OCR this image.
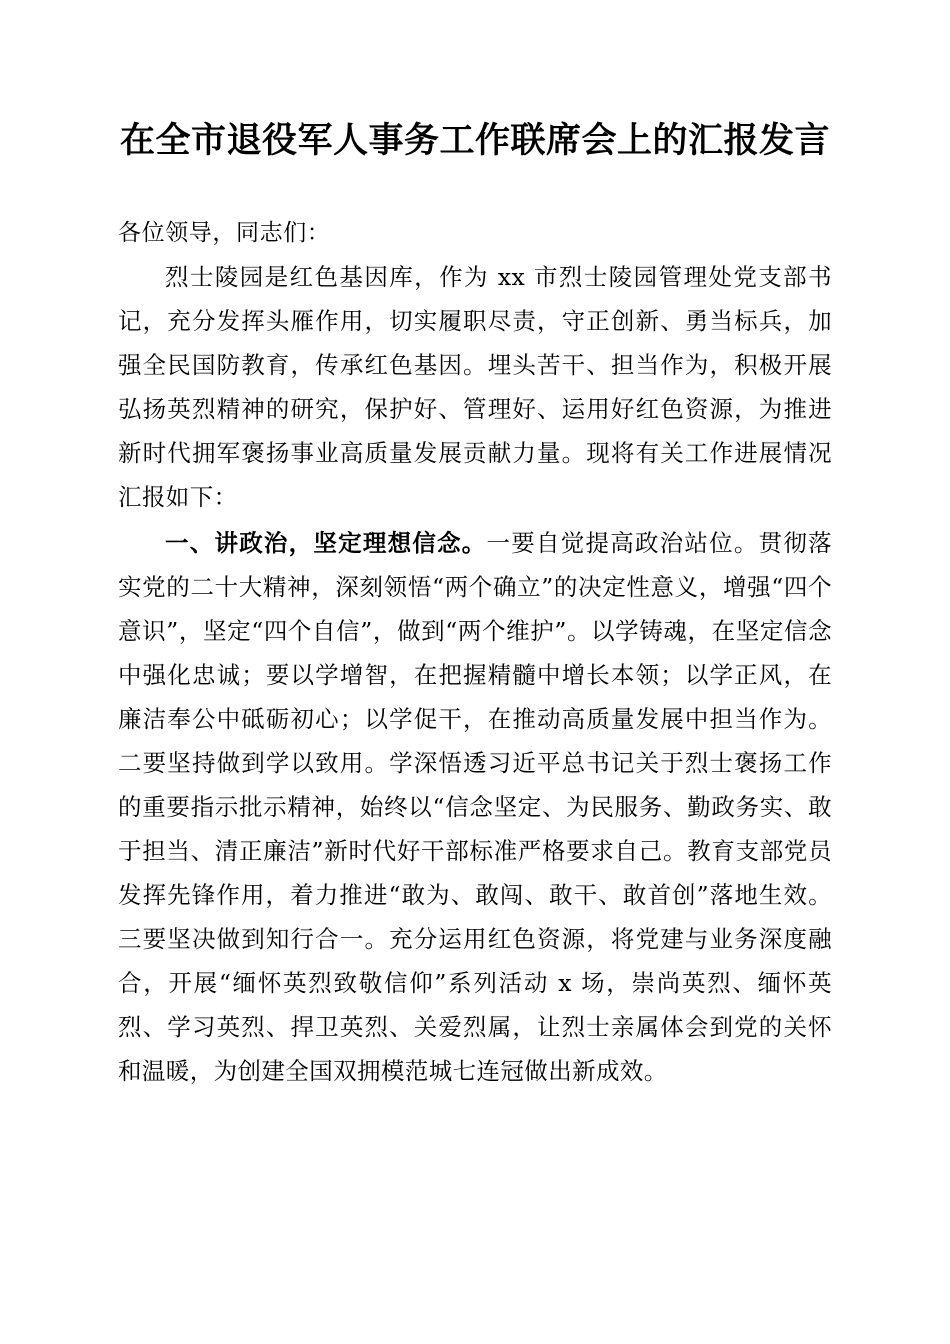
在全市退役军人事务工作联席会上的汇报发言

各位领导，同志们：

烈士陵园是红色基因库，作为 xx 市烈士陵园管理处党支部书记，充分发挥头雁作用，切实履职尽责，守正创新、勇当标兵，加强全民国防教育，传承红色基因。埋头苦干、担当作为，积极开展弘扬英烈精神的研究，保护好、管理好、运用好红色资源，为推进新时代拥军褒扬事业高质量发展贡献力量。现将有关工作进展情况汇报如下：

一、讲政治，坚定理想信念。一要自觉提高政治站位。贯彻落实党的二十大精神，深刻领悟“两个确立”的决定性意义，增强“四个意识”，坚定“四个自信”，做到“两个维护”。以学铸魂，在坚定信念中强化忠诚；要以学增智，在把握精髓中增长本领；以学正风，在廉洁奉公中砥砺初心；以学促干，在推动高质量发展中担当作为。二要坚持做到学以致用。学深悟透习近平总书记关于烈士褒扬工作的重要指示批示精神，始终以“信念坚定、为民服务、勤政务实、敢于担当、清正廉洁”新时代好干部标准严格要求自己。教育支部党员发挥先锋作用，着力推进“敢为、敢闯、敢干、敢首创”落地生效。三要坚决做到知行合一。充分运用红色资源，将党建与业务深度融合，开展“缅怀英烈致敬信仰”系列活动 x 场，崇尚英烈、缅怀英烈、学习英烈、捍卫英烈、关爱烈属，让烈士亲属体会到党的关怀和温暖，为创建全国双拥模范城七连冠做出新成效。
